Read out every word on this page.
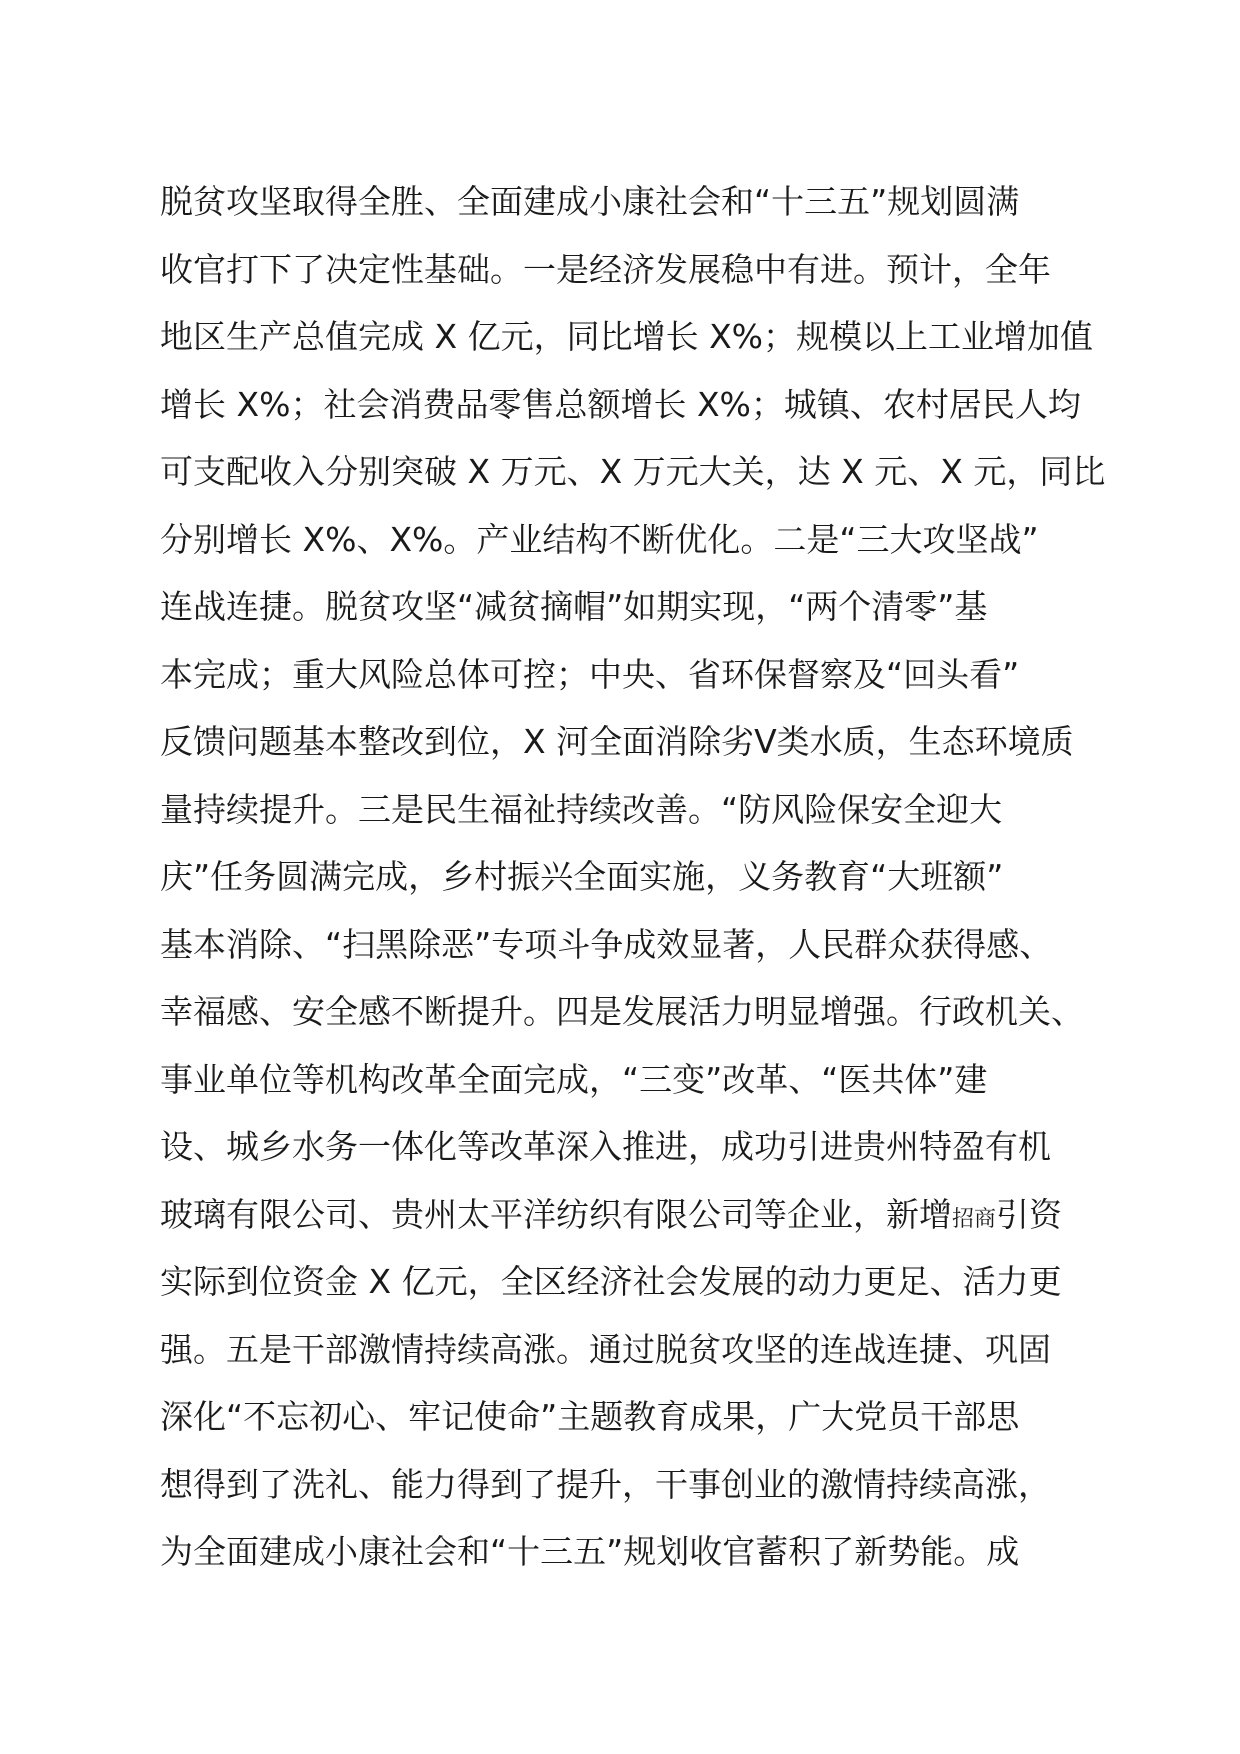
脱贫攻坚取得全胜、全面建成小康社会和“十三五”规划圆满
收官打下了决定性基础。一是经济发展稳中有进。预计，全年
地区生产总值完成 X 亿元，同比增长 X%；规模以上工业增加值
增长 X%；社会消费品零售总额增长 X%；城镇、农村居民人均
可支配收入分别突破 X 万元、X 万元大关，达 X 元、X 元，同比
分别增长 X%、X%。产业结构不断优化。二是“三大攻坚战”
连战连捷。脱贫攻坚“减贫摘帽”如期实现，“两个清零”基
本完成；重大风险总体可控；中央、省环保督察及“回头看”
反馈问题基本整改到位，X 河全面消除劣Ⅴ类水质，生态环境质
量持续提升。三是民生福祉持续改善。“防风险保安全迎大
庆”任务圆满完成，乡村振兴全面实施，义务教育“大班额”
基本消除、“扫黑除恶”专项斗争成效显著，人民群众获得感、
幸福感、安全感不断提升。四是发展活力明显增强。行政机关、
事业单位等机构改革全面完成，“三变”改革、“医共体”建
设、城乡水务一体化等改革深入推进，成功引进贵州特盈有机
玻璃有限公司、贵州太平洋纺织有限公司等企业，新增招商引资
实际到位资金 X 亿元，全区经济社会发展的动力更足、活力更
强。五是干部激情持续高涨。通过脱贫攻坚的连战连捷、巩固
深化“不忘初心、牢记使命”主题教育成果，广大党员干部思
想得到了洗礼、能力得到了提升，干事创业的激情持续高涨，
为全面建成小康社会和“十三五”规划收官蓄积了新势能。成
